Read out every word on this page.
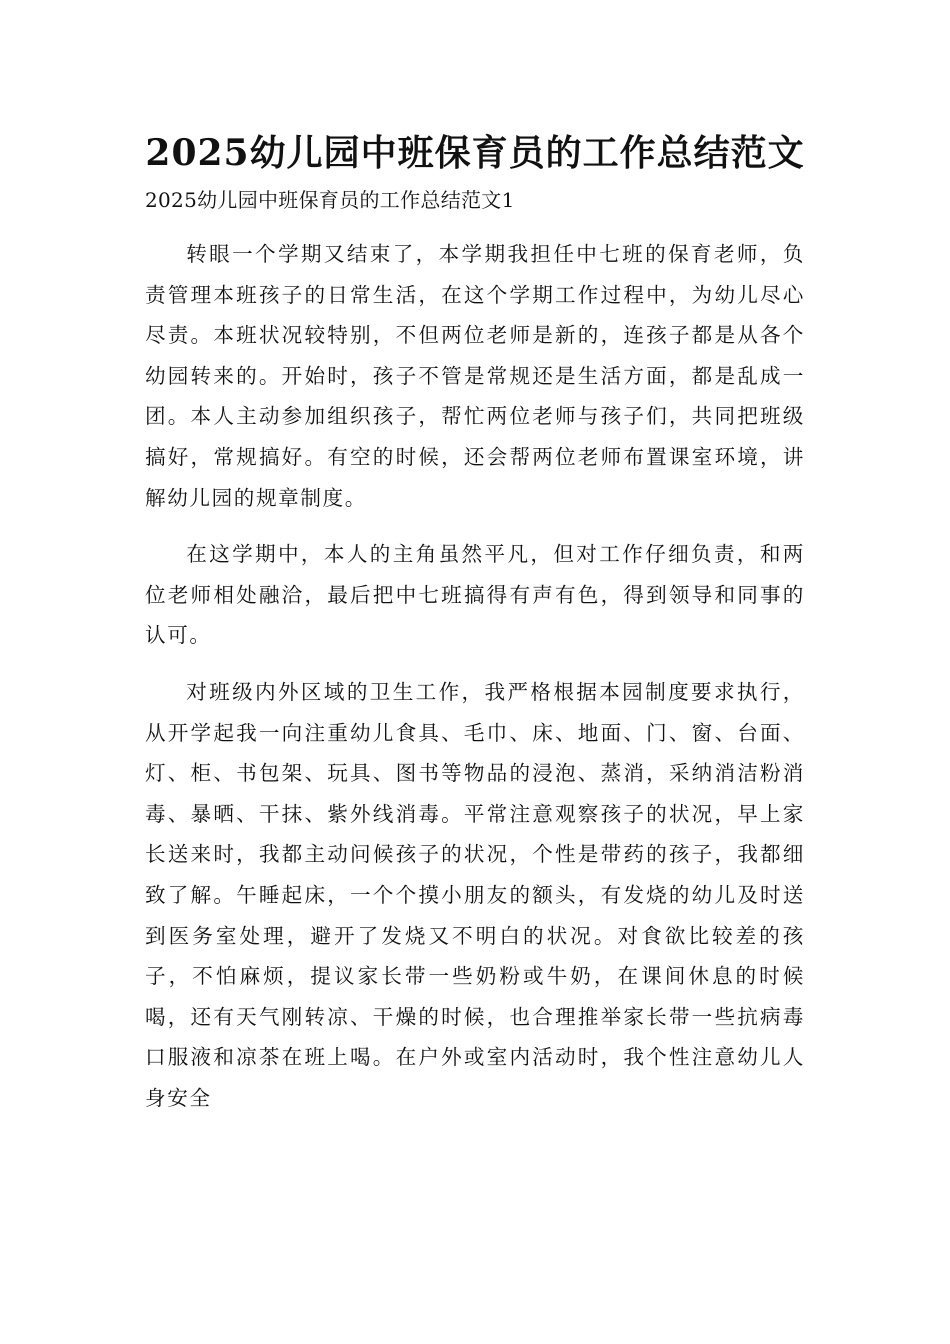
2025幼儿园中班保育员的工作总结范文

2025幼儿园中班保育员的工作总结范文1

转眼一个学期又结束了，本学期我担任中七班的保育老师，负责管理本班孩子的日常生活，在这个学期工作过程中，为幼儿尽心尽责。本班状况较特别，不但两位老师是新的，连孩子都是从各个幼园转来的。开始时，孩子不管是常规还是生活方面，都是乱成一团。本人主动参加组织孩子，帮忙两位老师与孩子们，共同把班级搞好，常规搞好。有空的时候，还会帮两位老师布置课室环境，讲解幼儿园的规章制度。

在这学期中，本人的主角虽然平凡，但对工作仔细负责，和两位老师相处融洽，最后把中七班搞得有声有色，得到领导和同事的认可。

对班级内外区域的卫生工作，我严格根据本园制度要求执行，从开学起我一向注重幼儿食具、毛巾、床、地面、门、窗、台面、灯、柜、书包架、玩具、图书等物品的浸泡、蒸消，采纳消洁粉消毒、暴晒、干抹、紫外线消毒。平常注意观察孩子的状况，早上家长送来时，我都主动问候孩子的状况，个性是带药的孩子，我都细致了解。午睡起床，一个个摸小朋友的额头，有发烧的幼儿及时送到医务室处理，避开了发烧又不明白的状况。对食欲比较差的孩子，不怕麻烦，提议家长带一些奶粉或牛奶，在课间休息的时候喝，还有天气刚转凉、干燥的时候，也合理推举家长带一些抗病毒口服液和凉茶在班上喝。在户外或室内活动时，我个性注意幼儿人身安全
